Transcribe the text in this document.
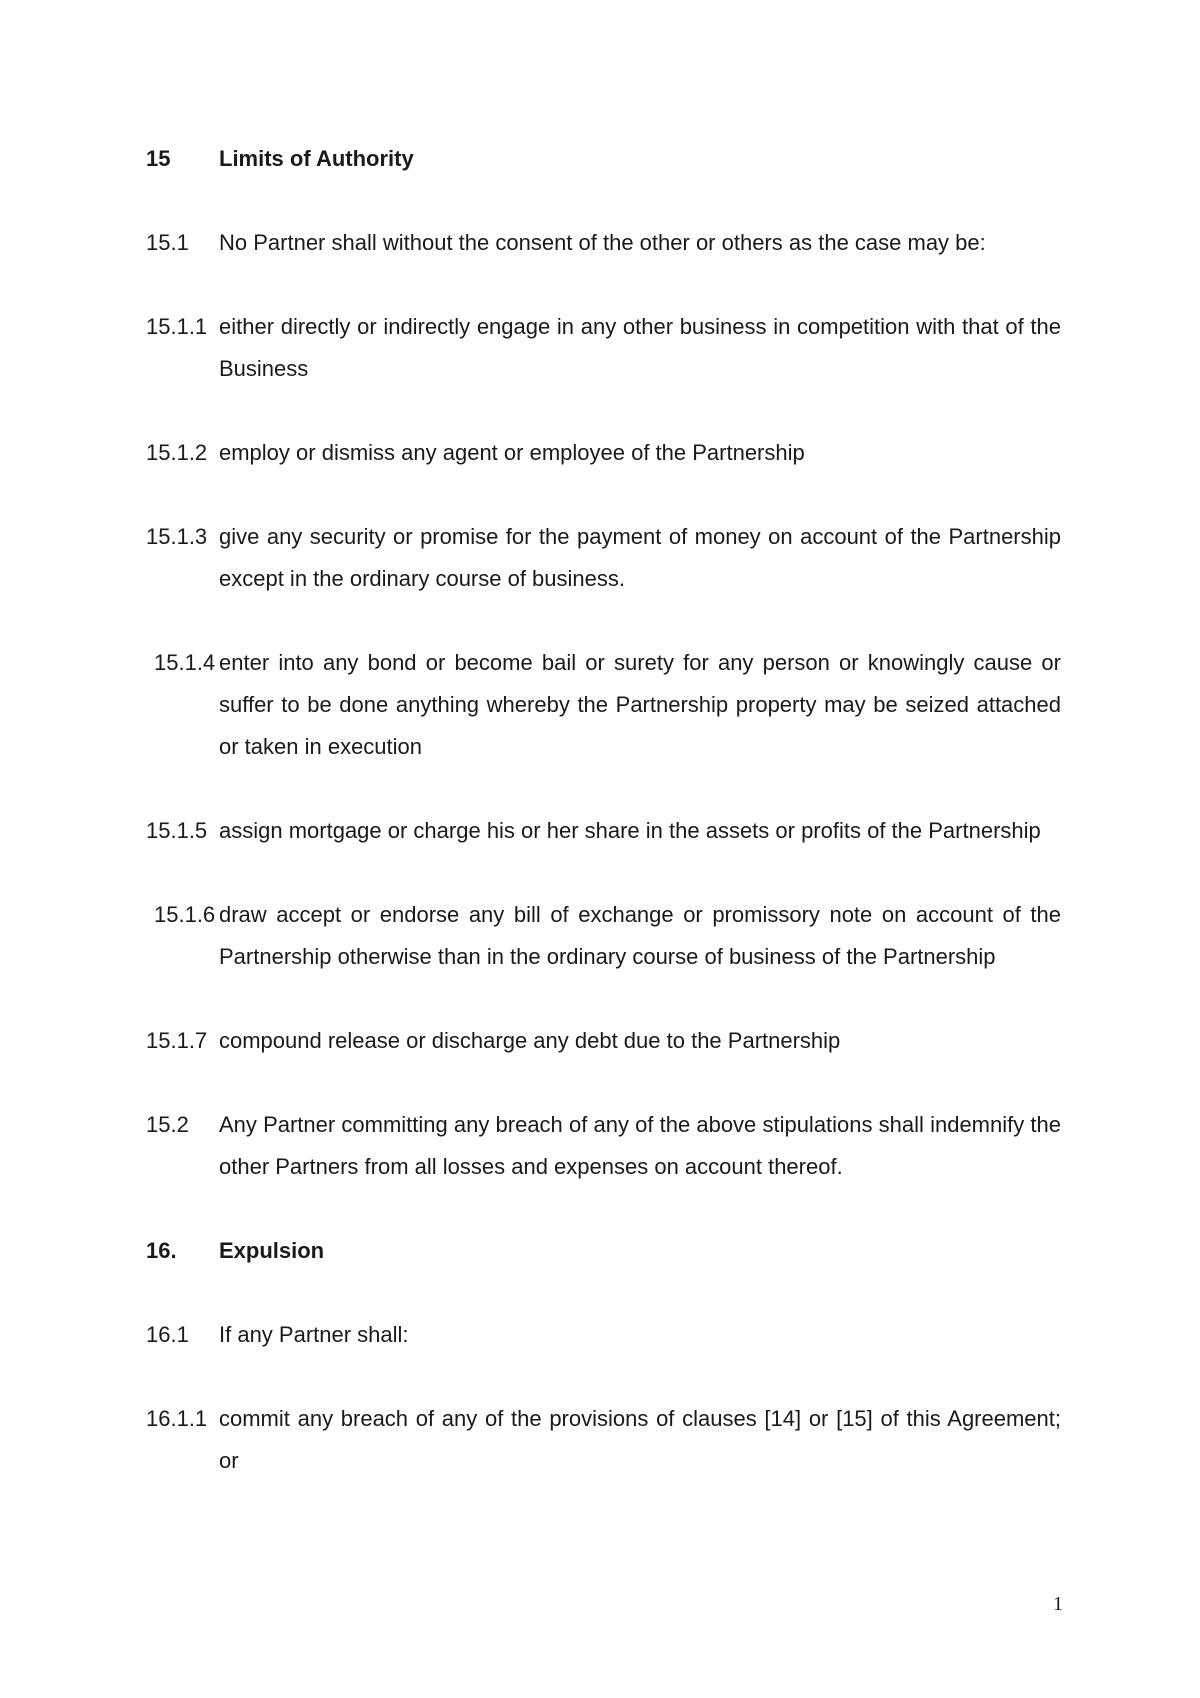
15	Limits of Authority
15.1 No Partner shall without the consent of the other or others as the case may be:
15.1.1 either directly or indirectly engage in any other business in competition with that of the Business
15.1.2 employ or dismiss any agent or employee of the Partnership
15.1.3 give any security or promise for the payment of money on account of the Partnership except in the ordinary course of business.
15.1.4 enter into any bond or become bail or surety for any person or knowingly cause or suffer to be done anything whereby the Partnership property may be seized attached or taken in execution
15.1.5 assign mortgage or charge his or her share in the assets or profits of the Partnership
15.1.6 draw accept or endorse any bill of exchange or promissory note on account of the Partnership otherwise than in the ordinary course of business of the Partnership
15.1.7 compound release or discharge any debt due to the Partnership
15.2 Any Partner committing any breach of any of the above stipulations shall indemnify the other Partners from all losses and expenses on account thereof.
16.	Expulsion
16.1 If any Partner shall:
16.1.1 commit any breach of any of the provisions of clauses [14] or [15] of this Agreement; or
1
